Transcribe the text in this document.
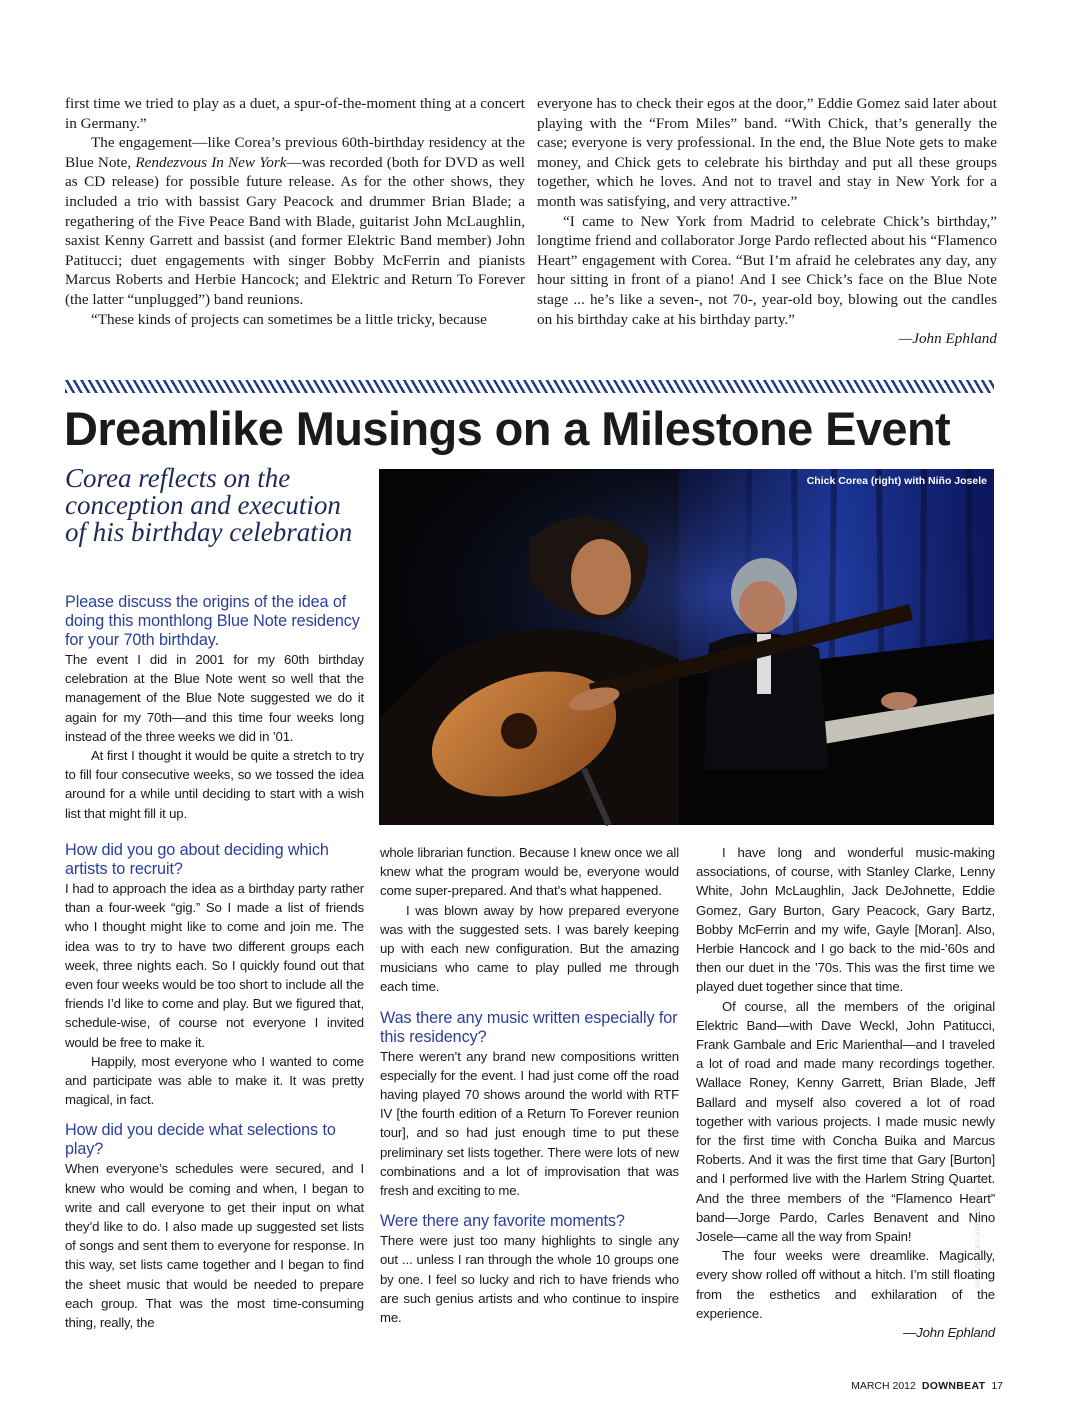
first time we tried to play as a duet, a spur-of-the-moment thing at a concert in Germany.”

The engagement—like Corea’s previous 60th-birthday residency at the Blue Note, Rendezvous In New York—was recorded (both for DVD as well as CD release) for possible future release. As for the other shows, they included a trio with bassist Gary Peacock and drummer Brian Blade; a regathering of the Five Peace Band with Blade, guitarist John McLaughlin, saxist Kenny Garrett and bassist (and former Elektric Band member) John Patitucci; duet engagements with singer Bobby McFerrin and pianists Marcus Roberts and Herbie Hancock; and Elektric and Return To Forever (the latter “unplugged”) band reunions.

“These kinds of projects can sometimes be a little tricky, because

everyone has to check their egos at the door,” Eddie Gomez said later about playing with the “From Miles” band. “With Chick, that’s generally the case; everyone is very professional. In the end, the Blue Note gets to make money, and Chick gets to celebrate his birthday and put all these groups together, which he loves. And not to travel and stay in New York for a month was satisfying, and very attractive.”

“I came to New York from Madrid to celebrate Chick’s birthday,” longtime friend and collaborator Jorge Pardo reflected about his “Flamenco Heart” engagement with Corea. “But I’m afraid he celebrates any day, any hour sitting in front of a piano! And I see Chick’s face on the Blue Note stage ... he’s like a seven-, not 70-, year-old boy, blowing out the candles on his birthday cake at his birthday party.”

—John Ephland

Dreamlike Musings on a Milestone Event
Corea reflects on the conception and execution of his birthday celebration
Chick Corea (right) with Niño Josele
JOHN ROGERS/JOHNROGERSNYC.COM

Please discuss the origins of the idea of doing this monthlong Blue Note residency for your 70th birthday.

The event I did in 2001 for my 60th birthday celebration at the Blue Note went so well that the management of the Blue Note suggested we do it again for my 70th—and this time four weeks long instead of the three weeks we did in ’01.

At first I thought it would be quite a stretch to try to fill four consecutive weeks, so we tossed the idea around for a while until deciding to start with a wish list that might fill it up.

How did you go about deciding which artists to recruit?

I had to approach the idea as a birthday party rather than a four-week “gig.” So I made a list of friends who I thought might like to come and join me. The idea was to try to have two different groups each week, three nights each. So I quickly found out that even four weeks would be too short to include all the friends I’d like to come and play. But we figured that, schedule-wise, of course not everyone I invited would be free to make it.

Happily, most everyone who I wanted to come and participate was able to make it. It was pretty magical, in fact.

How did you decide what selections to play?

When everyone’s schedules were secured, and I knew who would be coming and when, I began to write and call everyone to get their input on what they’d like to do. I also made up suggested set lists of songs and sent them to everyone for response. In this way, set lists came together and I began to find the sheet music that would be needed to prepare each group. That was the most time-consuming thing, really, the

whole librarian function. Because I knew once we all knew what the program would be, everyone would come super-prepared. And that’s what happened.

I was blown away by how prepared everyone was with the suggested sets. I was barely keeping up with each new configuration. But the amazing musicians who came to play pulled me through each time.

Was there any music written especially for this residency?

There weren’t any brand new compositions written especially for the event. I had just come off the road having played 70 shows around the world with RTF IV [the fourth edition of a Return To Forever reunion tour], and so had just enough time to put these preliminary set lists together. There were lots of new combinations and a lot of improvisation that was fresh and exciting to me.

Were there any favorite moments?

There were just too many highlights to single any out ... unless I ran through the whole 10 groups one by one. I feel so lucky and rich to have friends who are such genius artists and who continue to inspire me.

I have long and wonderful music-making associations, of course, with Stanley Clarke, Lenny White, John McLaughlin, Jack DeJohnette, Eddie Gomez, Gary Burton, Gary Peacock, Gary Bartz, Bobby McFerrin and my wife, Gayle [Moran]. Also, Herbie Hancock and I go back to the mid-’60s and then our duet in the ’70s. This was the first time we played duet together since that time.

Of course, all the members of the original Elektric Band—with Dave Weckl, John Patitucci, Frank Gambale and Eric Marienthal—and I traveled a lot of road and made many recordings together. Wallace Roney, Kenny Garrett, Brian Blade, Jeff Ballard and myself also covered a lot of road together with various projects. I made music newly for the first time with Concha Buika and Marcus Roberts. And it was the first time that Gary [Burton] and I performed live with the Harlem String Quartet. And the three members of the “Flamenco Heart” band—Jorge Pardo, Carles Benavent and Nino Josele—came all the way from Spain!

The four weeks were dreamlike. Magically, every show rolled off without a hitch. I’m still floating from the esthetics and exhilaration of the experience.

—John Ephland

MARCH 2012 DOWNBEAT 17
